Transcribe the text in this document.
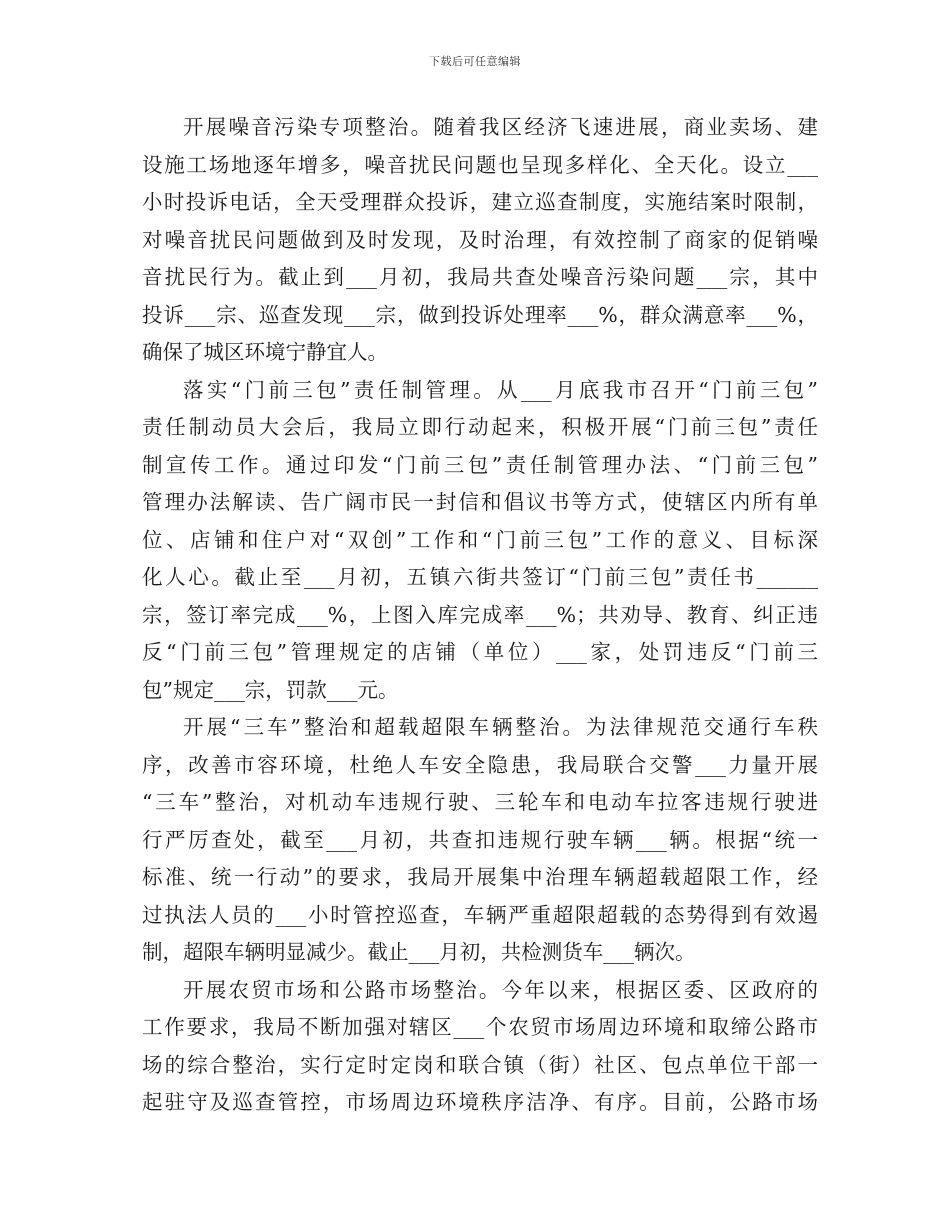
下载后可任意编辑
开展噪音污染专项整治。随着我区经济飞速进展，商业卖场、建
设施工场地逐年增多，噪音扰民问题也呈现多样化、全天化。设立___
小时投诉电话，全天受理群众投诉，建立巡查制度，实施结案时限制，
对噪音扰民问题做到及时发现，及时治理，有效控制了商家的促销噪
音扰民行为。截止到___月初，我局共查处噪音污染问题___宗，其中
投诉___宗、巡查发现___宗，做到投诉处理率___%，群众满意率___%，
确保了城区环境宁静宜人。
落实“门前三包”责任制管理。从___月底我市召开“门前三包”
责任制动员大会后，我局立即行动起来，积极开展“门前三包”责任
制宣传工作。通过印发“门前三包”责任制管理办法、“门前三包”
管理办法解读、告广阔市民一封信和倡议书等方式，使辖区内所有单
位、店铺和住户对“双创”工作和“门前三包”工作的意义、目标深
化人心。截止至___月初，五镇六街共签订“门前三包”责任书______
宗，签订率完成___%，上图入库完成率___%；共劝导、教育、纠正违
反“门前三包”管理规定的店铺（单位）___家，处罚违反“门前三
包”规定___宗，罚款___元。
开展“三车”整治和超载超限车辆整治。为法律规范交通行车秩
序，改善市容环境，杜绝人车安全隐患，我局联合交警___力量开展
“三车”整治，对机动车违规行驶、三轮车和电动车拉客违规行驶进
行严厉查处，截至___月初，共查扣违规行驶车辆___辆。根据“统一
标准、统一行动”的要求，我局开展集中治理车辆超载超限工作，经
过执法人员的___小时管控巡查，车辆严重超限超载的态势得到有效遏
制，超限车辆明显减少。截止___月初，共检测货车___辆次。
开展农贸市场和公路市场整治。今年以来，根据区委、区政府的
工作要求，我局不断加强对辖区___个农贸市场周边环境和取缔公路市
场的综合整治，实行定时定岗和联合镇（街）社区、包点单位干部一
起驻守及巡查管控，市场周边环境秩序洁净、有序。目前，公路市场
